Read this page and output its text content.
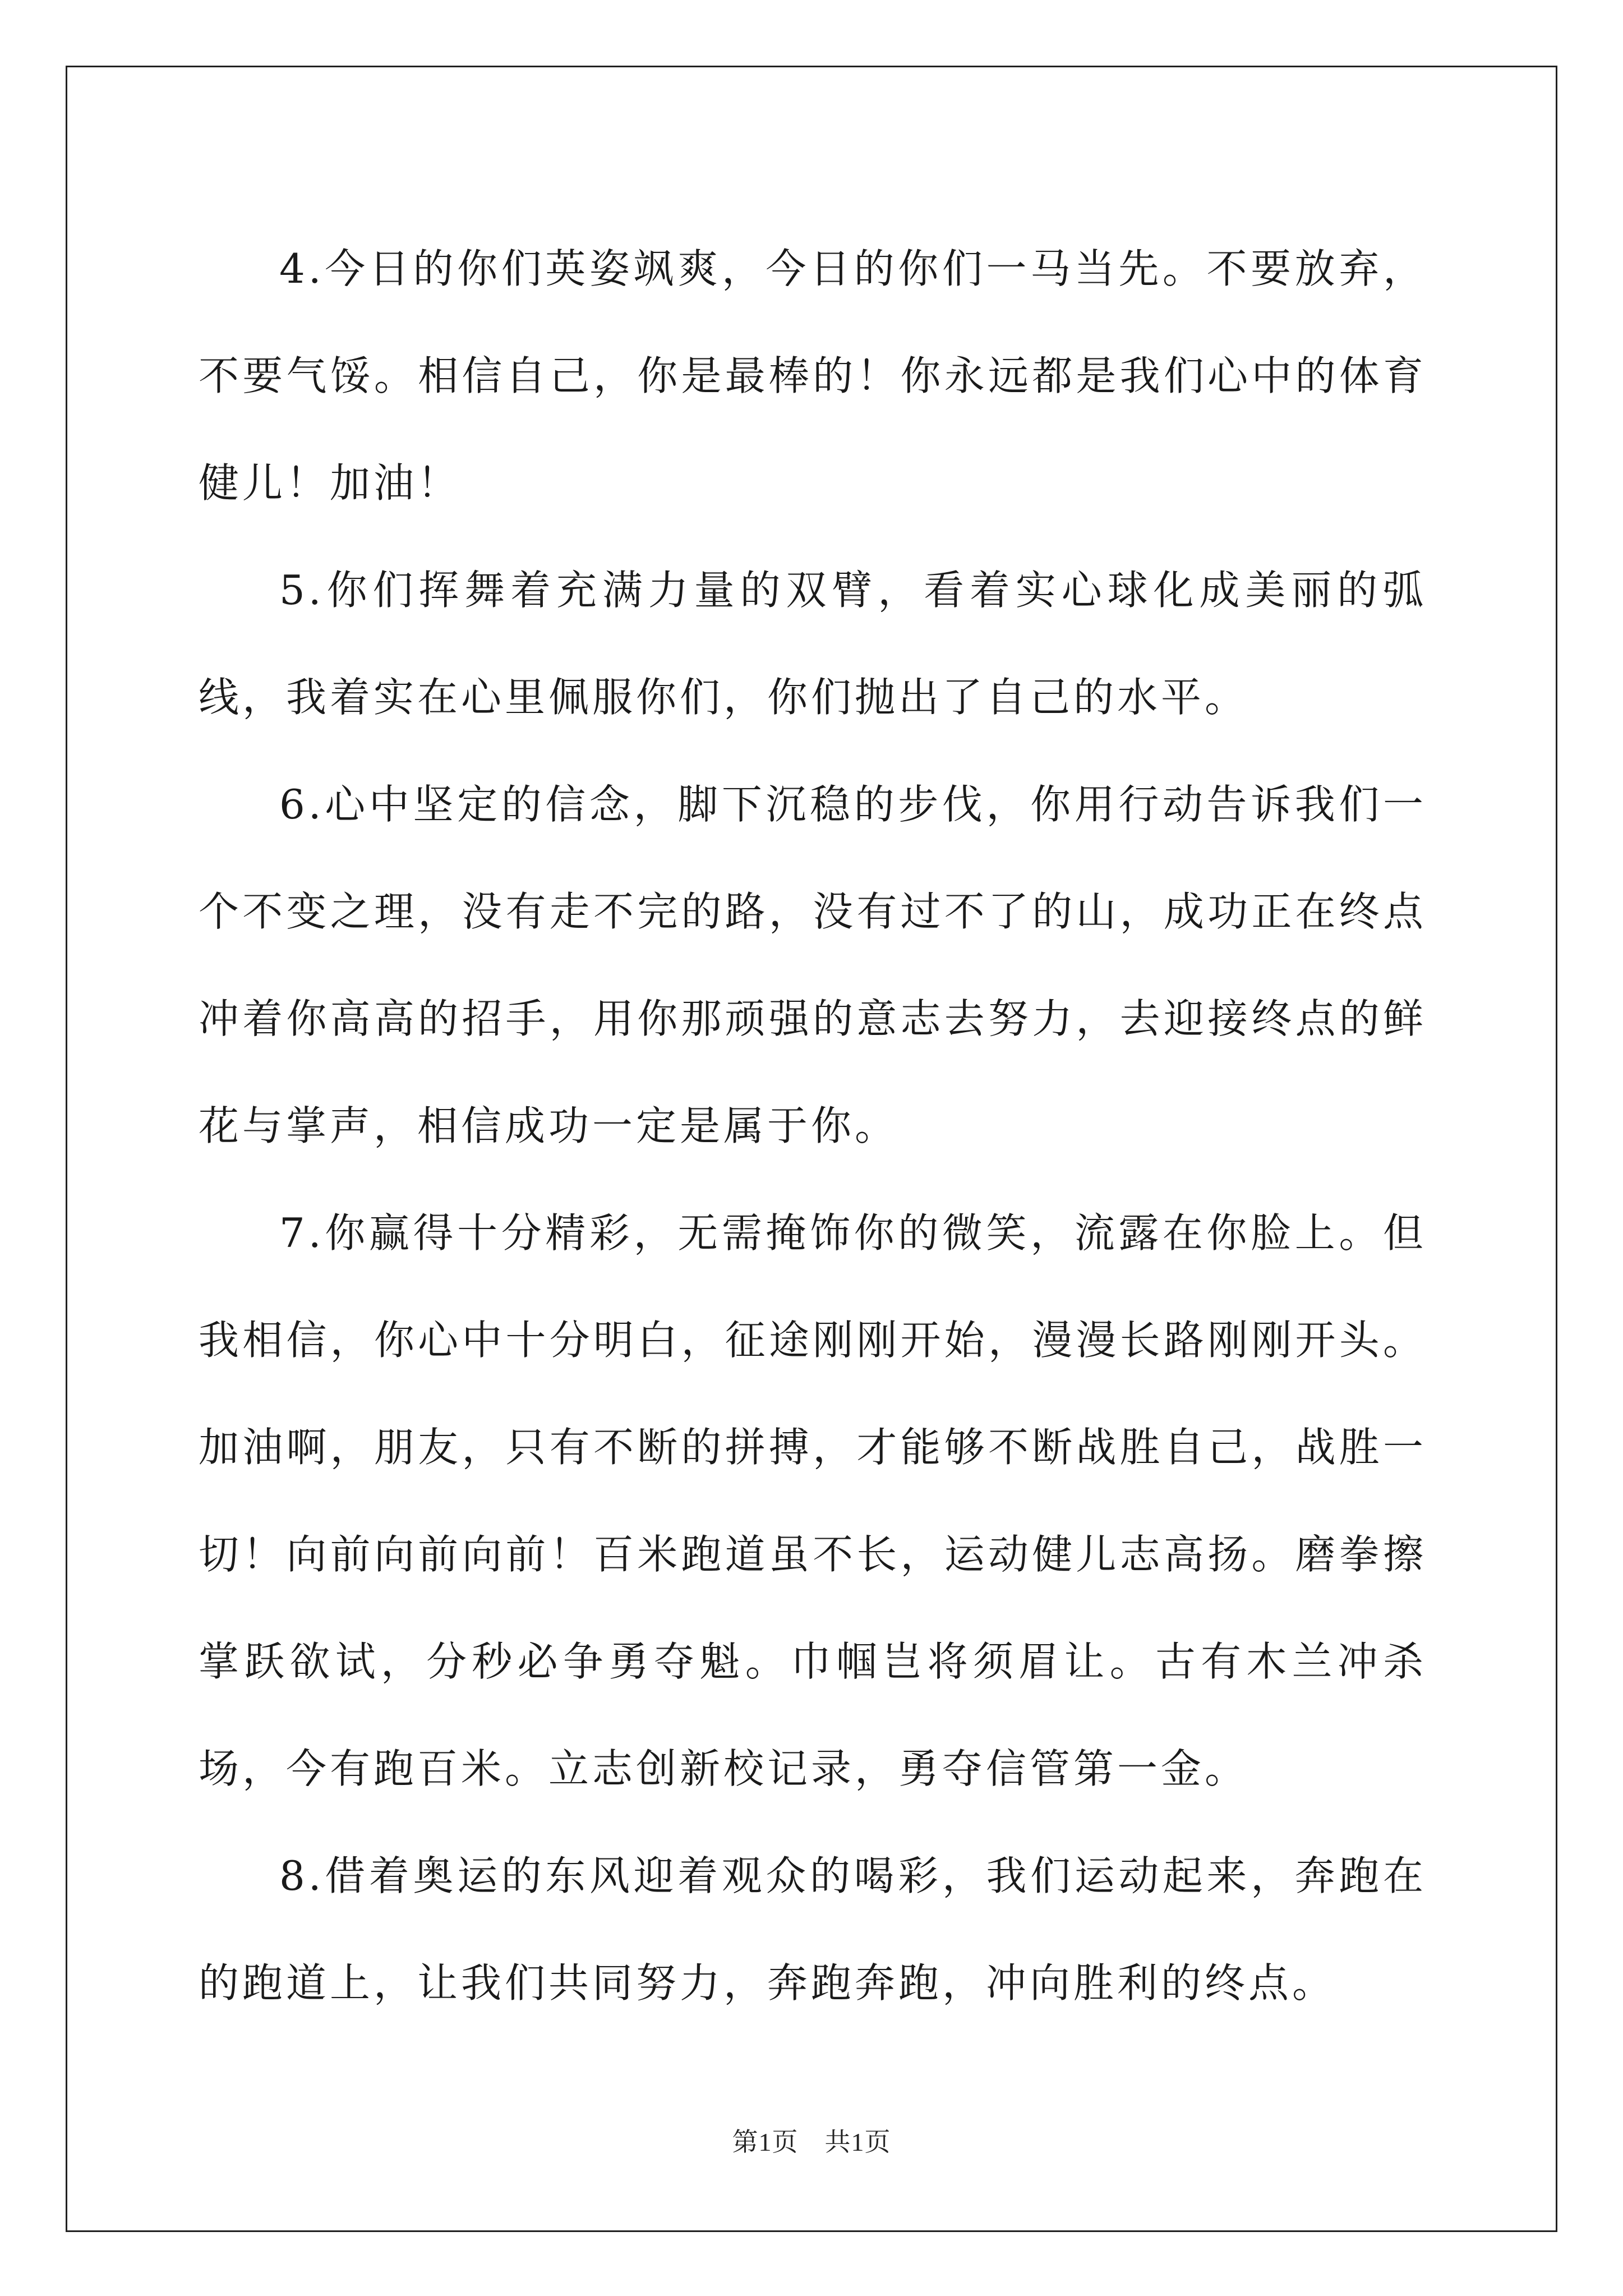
4.今日的你们英姿飒爽，今日的你们一马当先。不要放弃，不要气馁。相信自己，你是最棒的！你永远都是我们心中的体育健儿！加油！

5.你们挥舞着充满力量的双臂，看着实心球化成美丽的弧线，我着实在心里佩服你们，你们抛出了自己的水平。

6.心中坚定的信念，脚下沉稳的步伐，你用行动告诉我们一个不变之理，没有走不完的路，没有过不了的山，成功正在终点冲着你高高的招手，用你那顽强的意志去努力，去迎接终点的鲜花与掌声，相信成功一定是属于你。

7.你赢得十分精彩，无需掩饰你的微笑，流露在你脸上。但我相信，你心中十分明白，征途刚刚开始，漫漫长路刚刚开头。加油啊，朋友，只有不断的拼搏，才能够不断战胜自己，战胜一切！向前向前向前！百米跑道虽不长，运动健儿志高扬。磨拳擦掌跃欲试，分秒必争勇夺魁。巾帼岂将须眉让。古有木兰冲杀场，今有跑百米。立志创新校记录，勇夺信管第一金。

8.借着奥运的东风迎着观众的喝彩，我们运动起来，奔跑在的跑道上，让我们共同努力，奔跑奔跑，冲向胜利的终点。

第1页　共1页
